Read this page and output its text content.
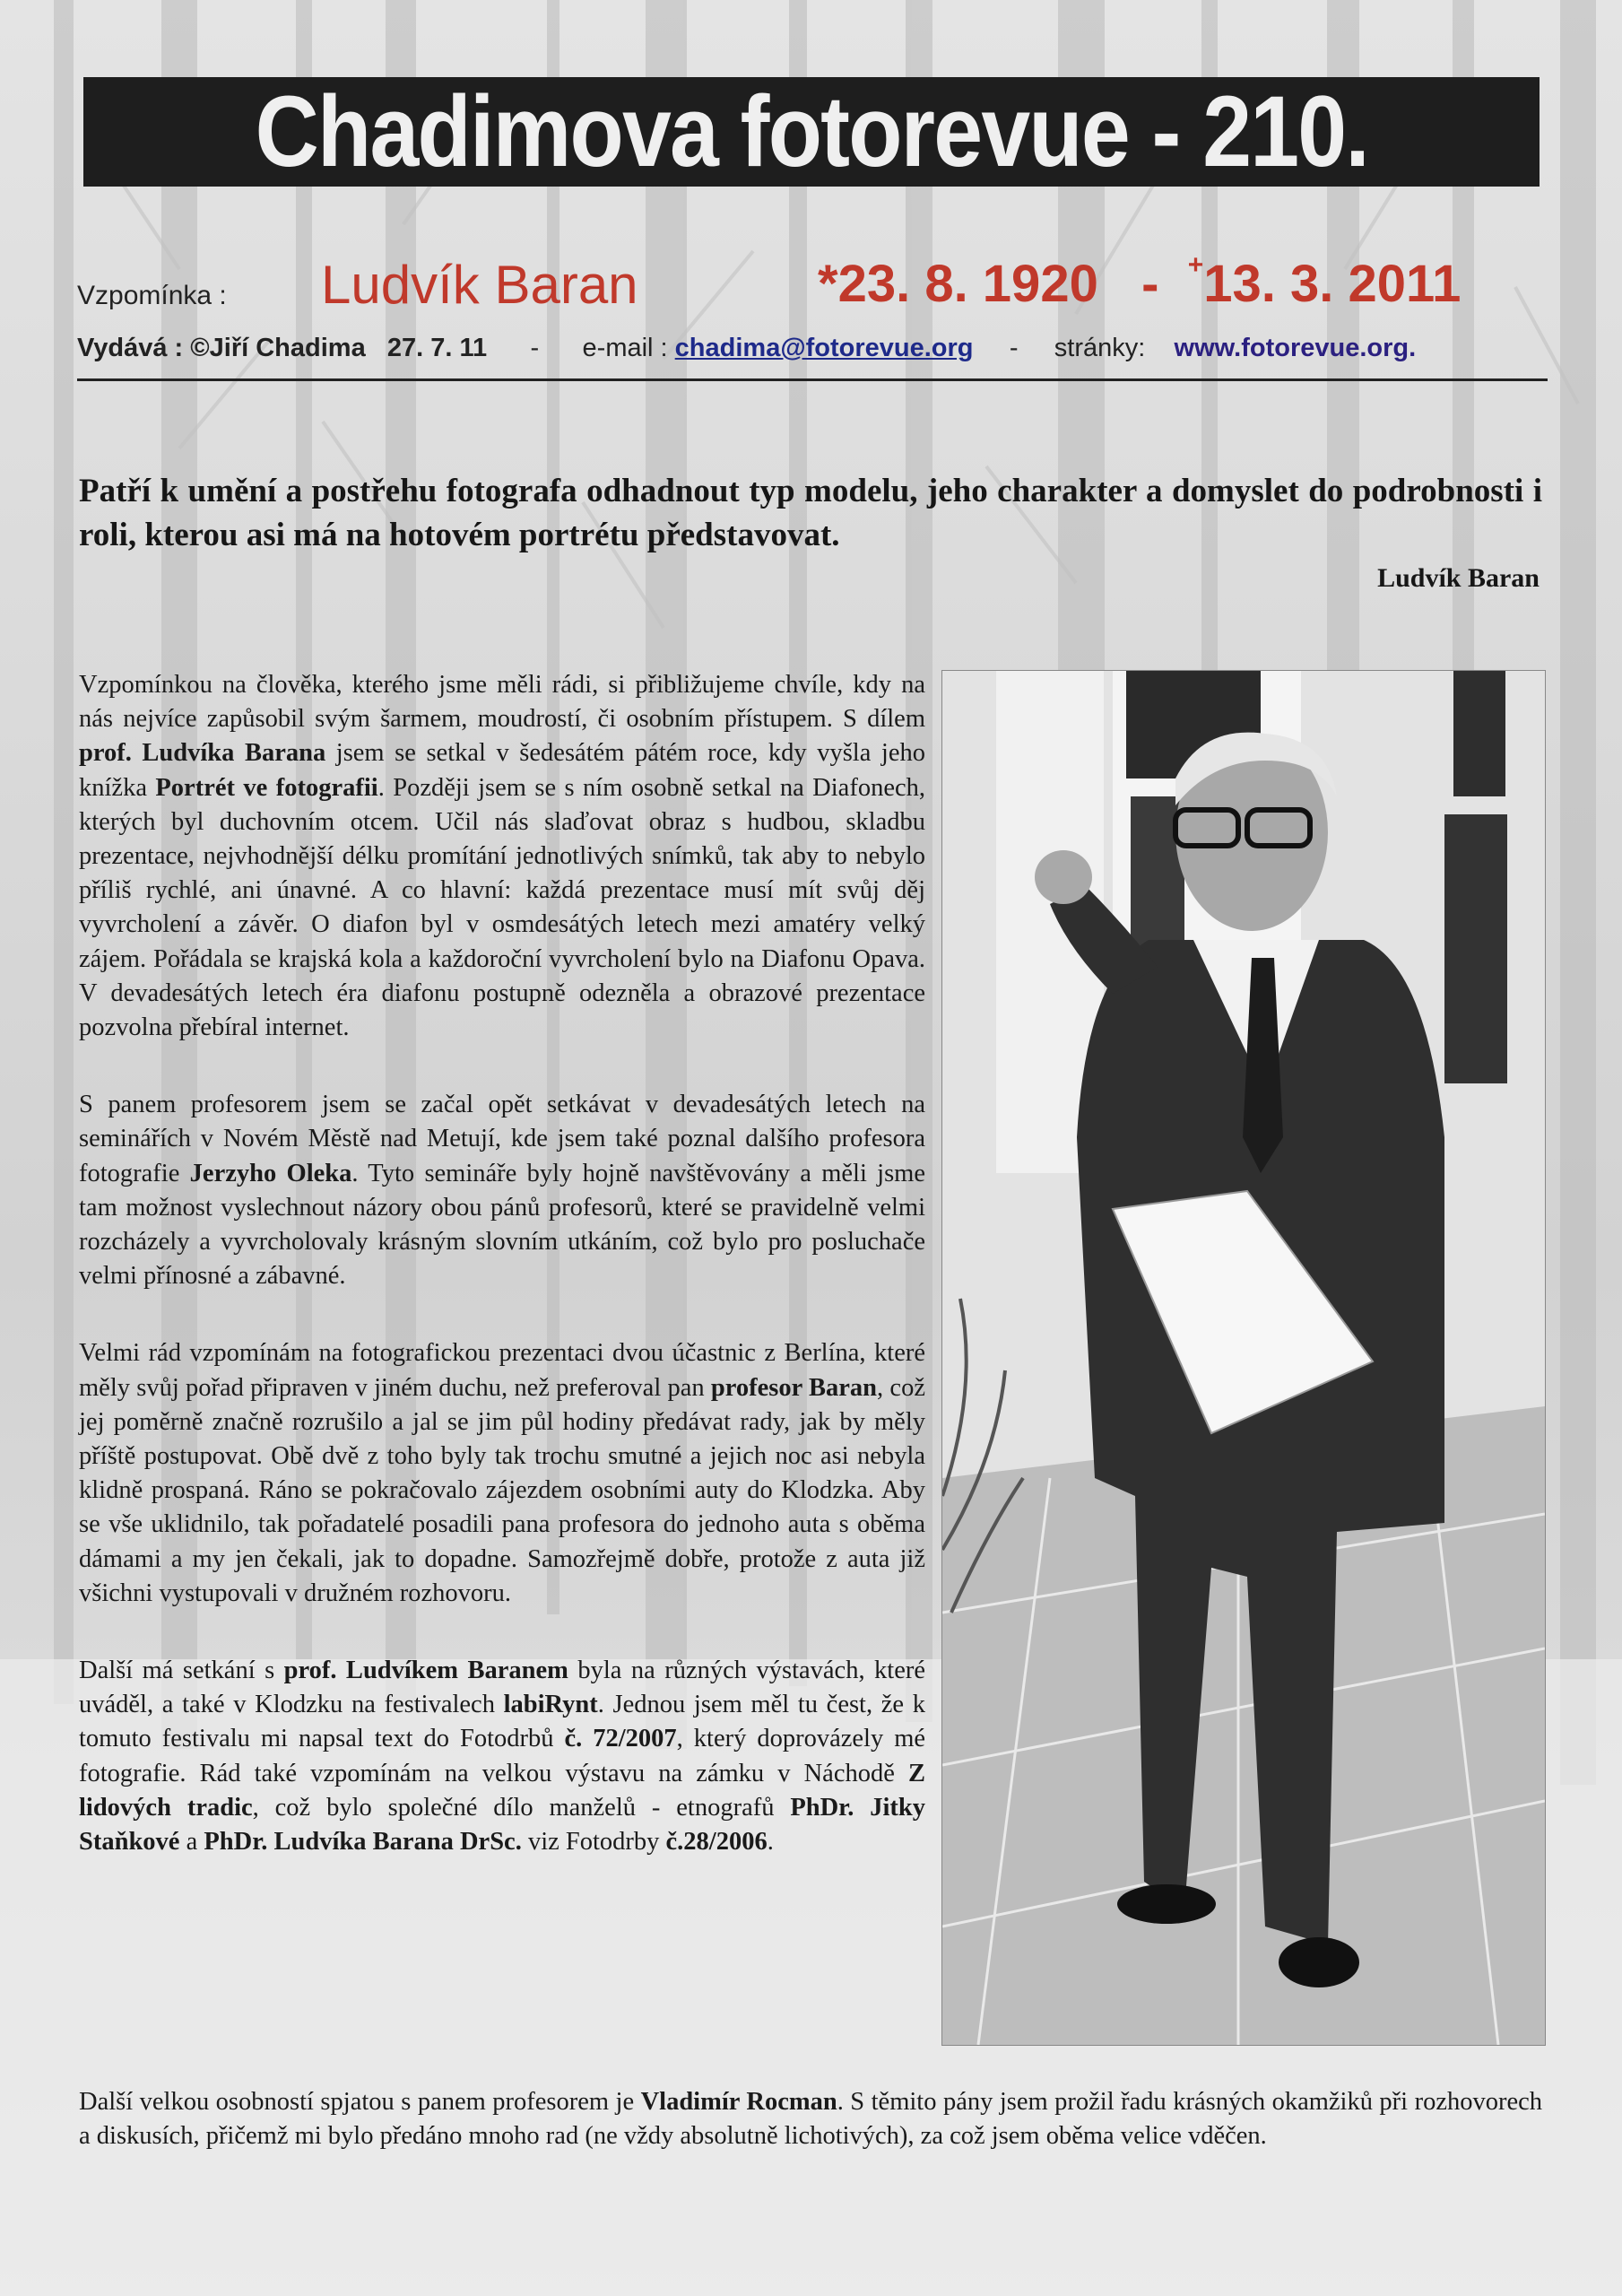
Chadimova fotorevue - 210.
Vzpomínka : Ludvík Baran	*23. 8. 1920 - +13. 3. 2011
Vydává : ©Jiří Chadima 27. 7. 11 - e-mail : chadima@fotorevue.org - stránky: www.fotorevue.org.
Patří k umění a postřehu fotografa odhadnout typ modelu, jeho charakter a domyslet do podrobnosti i roli, kterou asi má na hotovém portrétu představovat.
Ludvík Baran

Vzpomínkou na člověka, kterého jsme měli rádi, si přibližujeme chvíle, kdy na nás nejvíce zapůsobil svým šarmem, moudrostí, či osobním přístupem. S dílem prof. Ludvíka Barana jsem se setkal v šedesátém pátém roce, kdy vyšla jeho knížka Portrét ve fotografii. Později jsem se s ním osobně setkal na Diafonech, kterých byl duchovním otcem. Učil nás slaďovat obraz s hudbou, skladbu prezentace, nejvhodnější délku promítání jednotlivých snímků, tak aby to nebylo příliš rychlé, ani únavné. A co hlavní: každá prezentace musí mít svůj děj vyvrcholení a závěr. O diafon byl v osmdesátých letech mezi amatéry velký zájem. Pořádala se krajská kola a každoroční vyvrcholení bylo na Diafonu Opava. V devadesátých letech éra diafonu postupně odezněla a obrazové prezentace pozvolna přebíral internet.

S panem profesorem jsem se začal opět setkávat v devadesátých letech na seminářích v Novém Městě nad Metují, kde jsem také poznal dalšího profesora fotografie Jerzyho Oleka. Tyto semináře byly hojně navštěvovány a měli jsme tam možnost vyslechnout názory obou pánů profesorů, které se pravidelně velmi rozcházely a vyvrcholovaly krásným slovním utkáním, což bylo pro posluchače velmi přínosné a zábavné.

Velmi rád vzpomínám na fotografickou prezentaci dvou účastnic z Berlína, které měly svůj pořad připraven v jiném duchu, než preferoval pan profesor Baran, což jej poměrně značně rozrušilo a jal se jim půl hodiny předávat rady, jak by měly příště postupovat. Obě dvě z toho byly tak trochu smutné a jejich noc asi nebyla klidně prospaná. Ráno se pokračovalo zájezdem osobními auty do Klodzka. Aby se vše uklidnilo, tak pořadatelé posadili pana profesora do jednoho auta s oběma dámami a my jen čekali, jak to dopadne. Samozřejmě dobře, protože z auta již všichni vystupovali v družném rozhovoru.

Další má setkání s prof. Ludvíkem Baranem byla na různých výstavách, které uváděl, a také v Klodzku na festivalech labiRynt. Jednou jsem měl tu čest, že k tomuto festivalu mi napsal text do Fotodrbů č. 72/2007, který doprovázely mé fotografie. Rád také vzpomínám na velkou výstavu na zámku v Náchodě Z lidových tradic, což bylo společné dílo manželů - etnografů PhDr. Jitky Staňkové a PhDr. Ludvíka Barana DrSc. viz Fotodrby č.28/2006.

Další velkou osobností spjatou s panem profesorem je Vladimír Rocman. S těmito pány jsem prožil řadu krásných okamžiků při rozhovorech a diskusích, přičemž mi bylo předáno mnoho rad (ne vždy absolutně lichotivých), za což jsem oběma velice vděčen.
